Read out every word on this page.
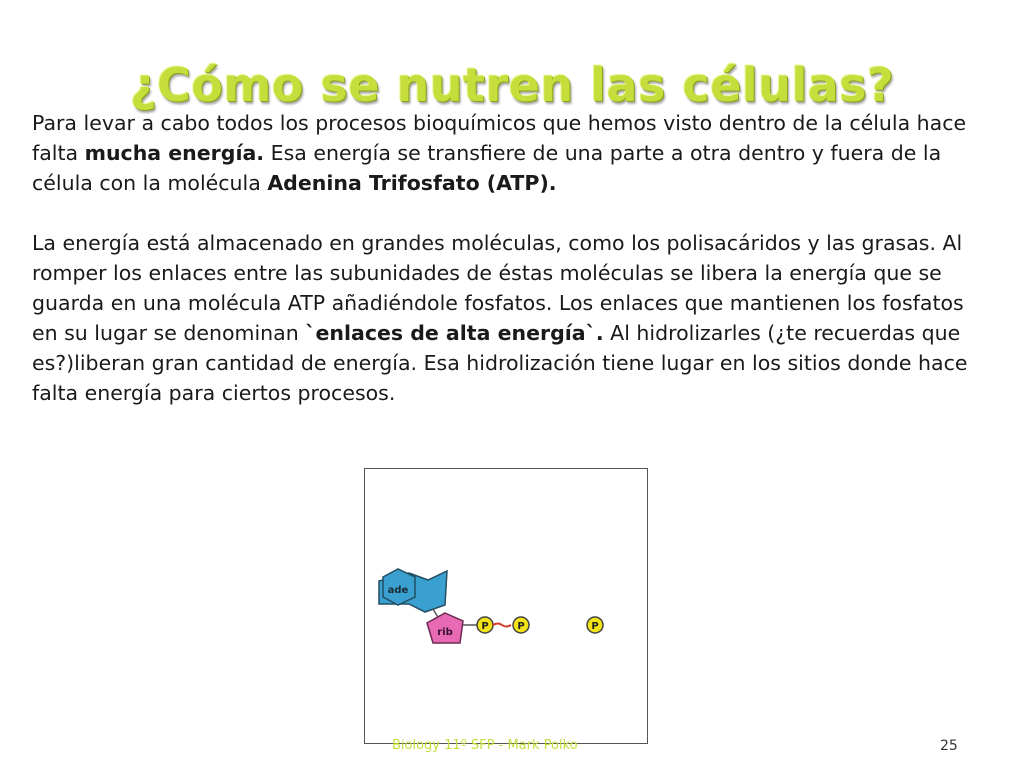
¿Cómo se nutren las células?

Para levar a cabo todos los procesos bioquímicos que hemos visto dentro de la célula hace falta mucha energía. Esa energía se transfiere de una parte a otra dentro y fuera de la célula con la molécula Adenina Trifosfato (ATP).

La energía está almacenado en grandes moléculas, como los polisacáridos y las grasas. Al romper los enlaces entre las subunidades de éstas moléculas se libera la energía que se guarda en una molécula ATP añadiéndole fosfatos. Los enlaces que mantienen los fosfatos en su lugar se denominan `enlaces de alta energía`. Al hidrolizarles (¿te recuerdas que es?)liberan gran cantidad de energía. Esa hidrolización tiene lugar en los sitios donde hace falta energía para ciertos procesos.

ade
rib
P	P	P
Biology 11º SFP - Mark Polko	25
